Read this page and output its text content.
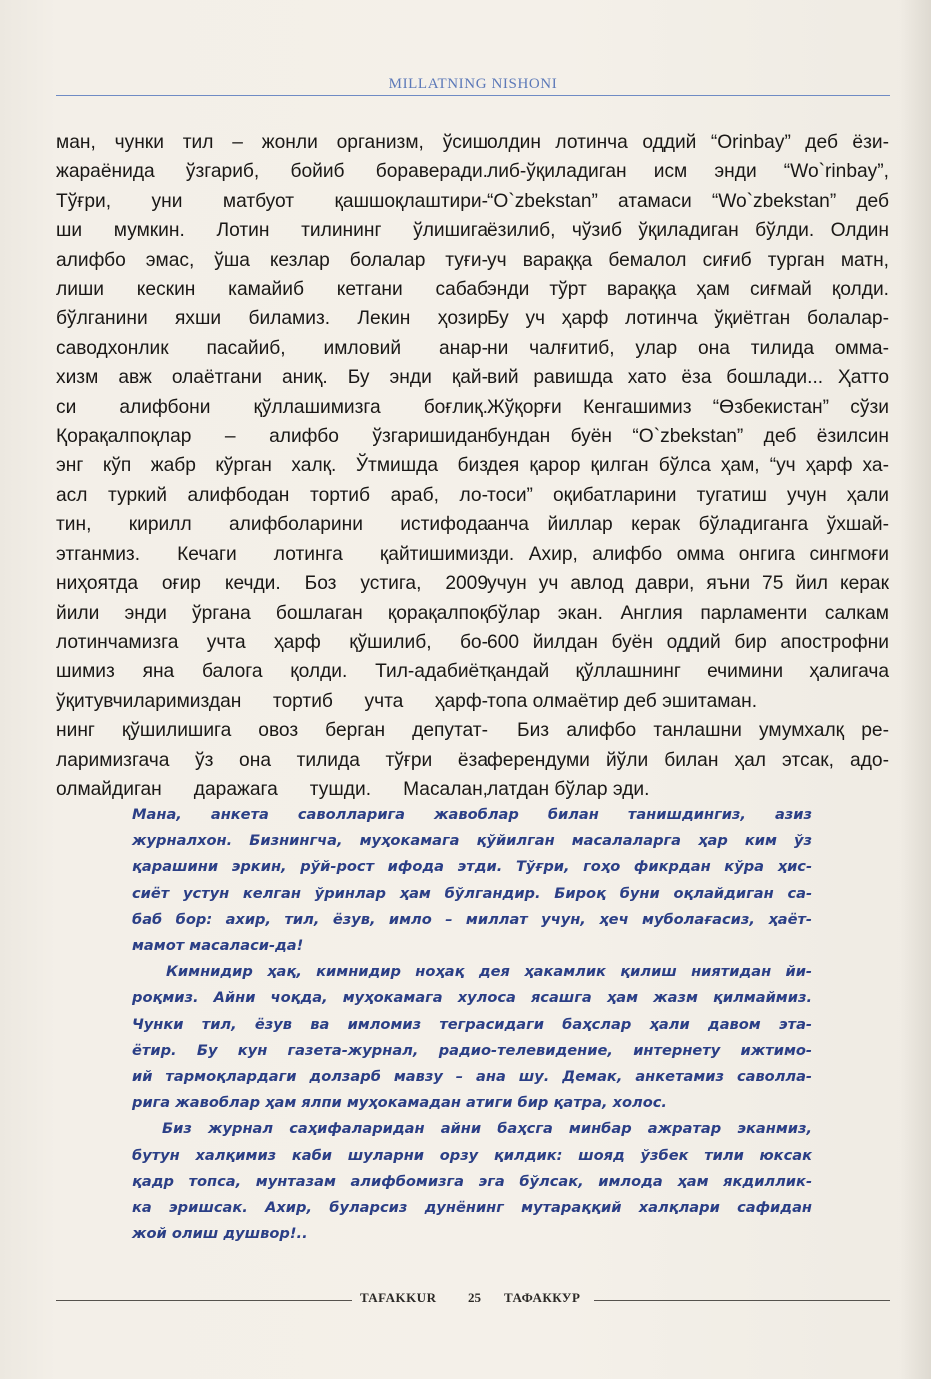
MILLATNING NISHONI
ман, чунки тил – жонли организм, ўсиш
жараёнида ўзгариб, бойиб бораверади.
Тўғри, уни матбуот қашшоқлаштири-
ши мумкин. Лотин тилининг ўлишига
алифбо эмас, ўша кезлар болалар туғи-
лиши кескин камайиб кетгани сабаб
бўлганини яхши биламиз. Лекин ҳозир
саводхонлик пасайиб, имловий анар-
хизм авж олаётгани аниқ. Бу энди қай-
си алифбони қўллашимизга боғлиқ.
Қорақалпоқлар – алифбо ўзгаришидан
энг кўп жабр кўрган халқ. Ўтмишда биз
асл туркий алифбодан тортиб араб, ло-
тин, кирилл алифболарини истифода
этганмиз. Кечаги лотинга қайтишимиз
ниҳоятда оғир кечди. Боз устига, 2009
йили энди ўргана бошлаган қорақалпоқ
лотинчамизга учта ҳарф қўшилиб, бо-
шимиз яна балога қолди. Тил-адабиёт
ўқитувчиларимиздан тортиб учта ҳарф-
нинг қўшилишига овоз берган депутат-
ларимизгача ўз она тилида тўғри ёза
олмайдиган даражага тушди. Масалан,
олдин лотинча оддий “Orinbay” деб ёзи-
либ-ўқиладиган исм энди “Wo`rinbay”,
“O`zbekstan” атамаси “Wo`zbekstan” деб
ёзилиб, чўзиб ўқиладиган бўлди. Олдин
уч вараққа бемалол сиғиб турган матн,
энди тўрт вараққа ҳам сиғмай қолди.
Бу уч ҳарф лотинча ўқиётган болалар-
ни чалғитиб, улар она тилида омма-
вий равишда хато ёза бошлади... Ҳатто
Жўқорғи Кенгашимиз “Өзбекистан” сўзи
бундан буён “O`zbekstan” деб ёзилсин
дея қарор қилган бўлса ҳам, “уч ҳарф ха-
тоси” оқибатларини тугатиш учун ҳали
анча йиллар керак бўладиганга ўхшай-
ди. Ахир, алифбо омма онгига сингмоғи
учун уч авлод даври, яъни 75 йил керак
бўлар экан. Англия парламенти салкам
600 йилдан буён оддий бир апострофни
қандай қўллашнинг ечимини ҳалигача
топа олмаётир деб эшитаман.
Биз алифбо танлашни умумхалқ ре-
ферендуми йўли билан ҳал этсак, адо-
латдан бўлар эди.
Мана, анкета саволларига жавоблар билан танишдингиз, азиз
журналхон. Бизнингча, муҳокамага қўйилган масалаларга ҳар ким ўз
қарашини эркин, рўй-рост ифода этди. Тўғри, гоҳо фикрдан кўра ҳис-
сиёт устун келган ўринлар ҳам бўлгандир. Бироқ буни оқлайдиган са-
баб бор: ахир, тил, ёзув, имло – миллат учун, ҳеч муболағасиз, ҳаёт-
мамот масаласи-да!
Кимнидир ҳақ, кимнидир ноҳақ дея ҳакамлик қилиш ниятидан йи-
роқмиз. Айни чоқда, муҳокамага хулоса ясашга ҳам жазм қилмаймиз.
Чунки тил, ёзув ва имломиз теграсидаги баҳслар ҳали давом эта-
ётир. Бу кун газета-журнал, радио-телевидение, интернету ижтимо-
ий тармоқлардаги долзарб мавзу – ана шу. Демак, анкетамиз саволла-
рига жавоблар ҳам ялпи муҳокамадан атиги бир қатра, холос.
Биз журнал саҳифаларидан айни баҳсга минбар ажратар эканмиз,
бутун халқимиз каби шуларни орзу қилдик: шояд ўзбек тили юксак
қадр топса, мунтазам алифбомизга эга бўлсак, имлода ҳам якдиллик-
ка эришсак. Ахир, буларсиз дунёнинг мутараққий халқлари сафидан
жой олиш душвор!..
TAFAKKUR 25 ТАФАККУР
